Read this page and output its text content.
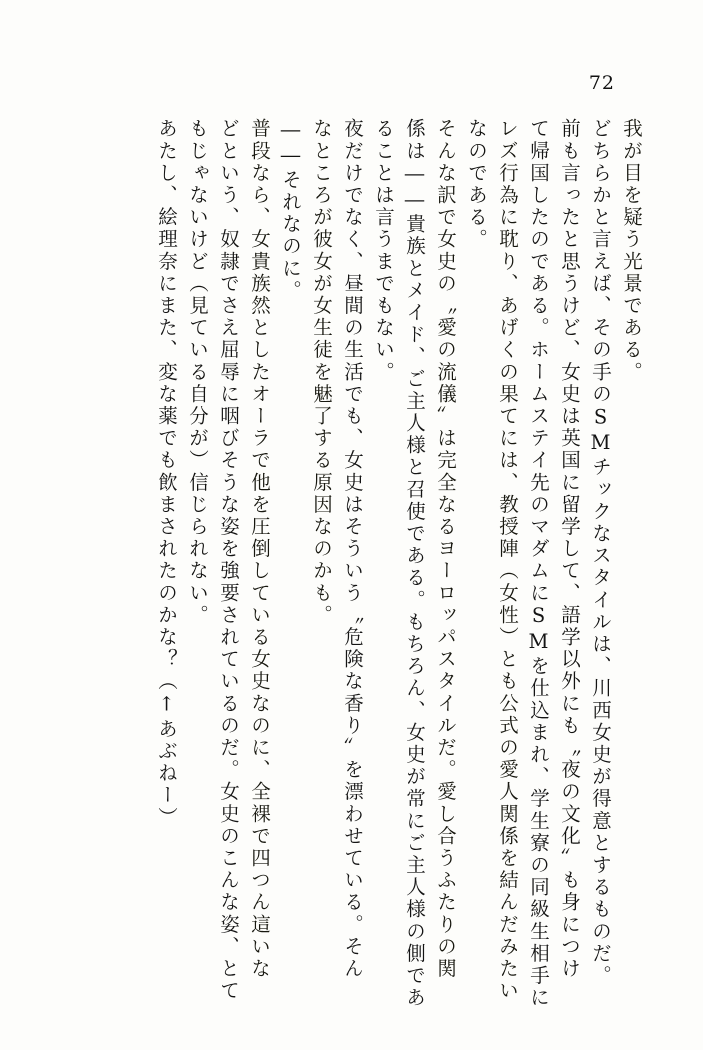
72
我が目を疑う光景である。
どちらかと言えば、その手のSMチックなスタイルは、川西女史が得意とするものだ。
前も言ったと思うけど、女史は英国に留学して、語学以外にも〝夜の文化〟も身につけ
て帰国したのである。ホームステイ先のマダムにSMを仕込まれ、学生寮の同級生相手に
レズ行為に耽り、あげくの果てには、教授陣（女性）とも公式の愛人関係を結んだみたい
なのである。
そんな訳で女史の〝愛の流儀〟は完全なるヨーロッパスタイルだ。愛し合うふたりの関
係は――貴族とメイド、ご主人様と召使である。もちろん、女史が常にご主人様の側であ
ることは言うまでもない。
夜だけでなく、昼間の生活でも、女史はそういう〝危険な香り〟を漂わせている。そん
なところが彼女が女生徒を魅了する原因なのかも。
――それなのに。
普段なら、女貴族然としたオーラで他を圧倒している女史なのに、全裸で四つん這いな
どという、奴隷でさえ屈辱に咽びそうな姿を強要されているのだ。女史のこんな姿、とて
もじゃないけど（見ている自分が）信じられない。
あたし、絵理奈にまた、変な薬でも飲まされたのかな？（↑あぶねー）
